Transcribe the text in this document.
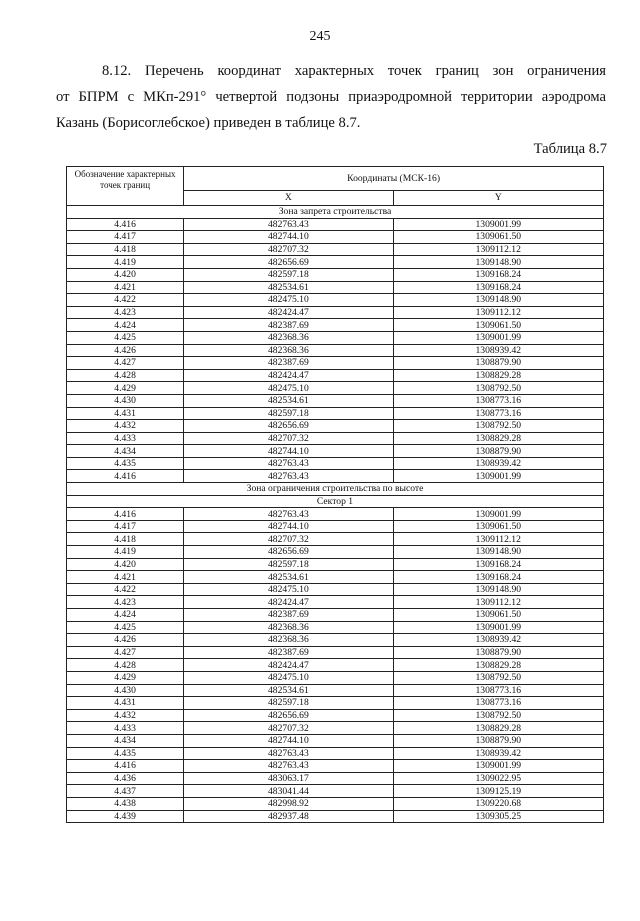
245
8.12. Перечень координат характерных точек границ зон ограничения
от БПРМ с МКп-291° четвертой подзоны приаэродромной территории аэродрома
Казань (Борисоглебское) приведен в таблице 8.7.
Таблица 8.7
Обозначение характерных точек границ	Координаты (МСК-16)	
	X	Y
Зона запрета строительства		
4.416	482763.43	1309001.99
4.417	482744.10	1309061.50
4.418	482707.32	1309112.12
4.419	482656.69	1309148.90
4.420	482597.18	1309168.24
4.421	482534.61	1309168.24
4.422	482475.10	1309148.90
4.423	482424.47	1309112.12
4.424	482387.69	1309061.50
4.425	482368.36	1309001.99
4.426	482368.36	1308939.42
4.427	482387.69	1308879.90
4.428	482424.47	1308829.28
4.429	482475.10	1308792.50
4.430	482534.61	1308773.16
4.431	482597.18	1308773.16
4.432	482656.69	1308792.50
4.433	482707.32	1308829.28
4.434	482744.10	1308879.90
4.435	482763.43	1308939.42
4.416	482763.43	1309001.99
Зона ограничения строительства по высоте		
Сектор 1		
4.416	482763.43	1309001.99
4.417	482744.10	1309061.50
4.418	482707.32	1309112.12
4.419	482656.69	1309148.90
4.420	482597.18	1309168.24
4.421	482534.61	1309168.24
4.422	482475.10	1309148.90
4.423	482424.47	1309112.12
4.424	482387.69	1309061.50
4.425	482368.36	1309001.99
4.426	482368.36	1308939.42
4.427	482387.69	1308879.90
4.428	482424.47	1308829.28
4.429	482475.10	1308792.50
4.430	482534.61	1308773.16
4.431	482597.18	1308773.16
4.432	482656.69	1308792.50
4.433	482707.32	1308829.28
4.434	482744.10	1308879.90
4.435	482763.43	1308939.42
4.416	482763.43	1309001.99
4.436	483063.17	1309022.95
4.437	483041.44	1309125.19
4.438	482998.92	1309220.68
4.439	482937.48	1309305.25
